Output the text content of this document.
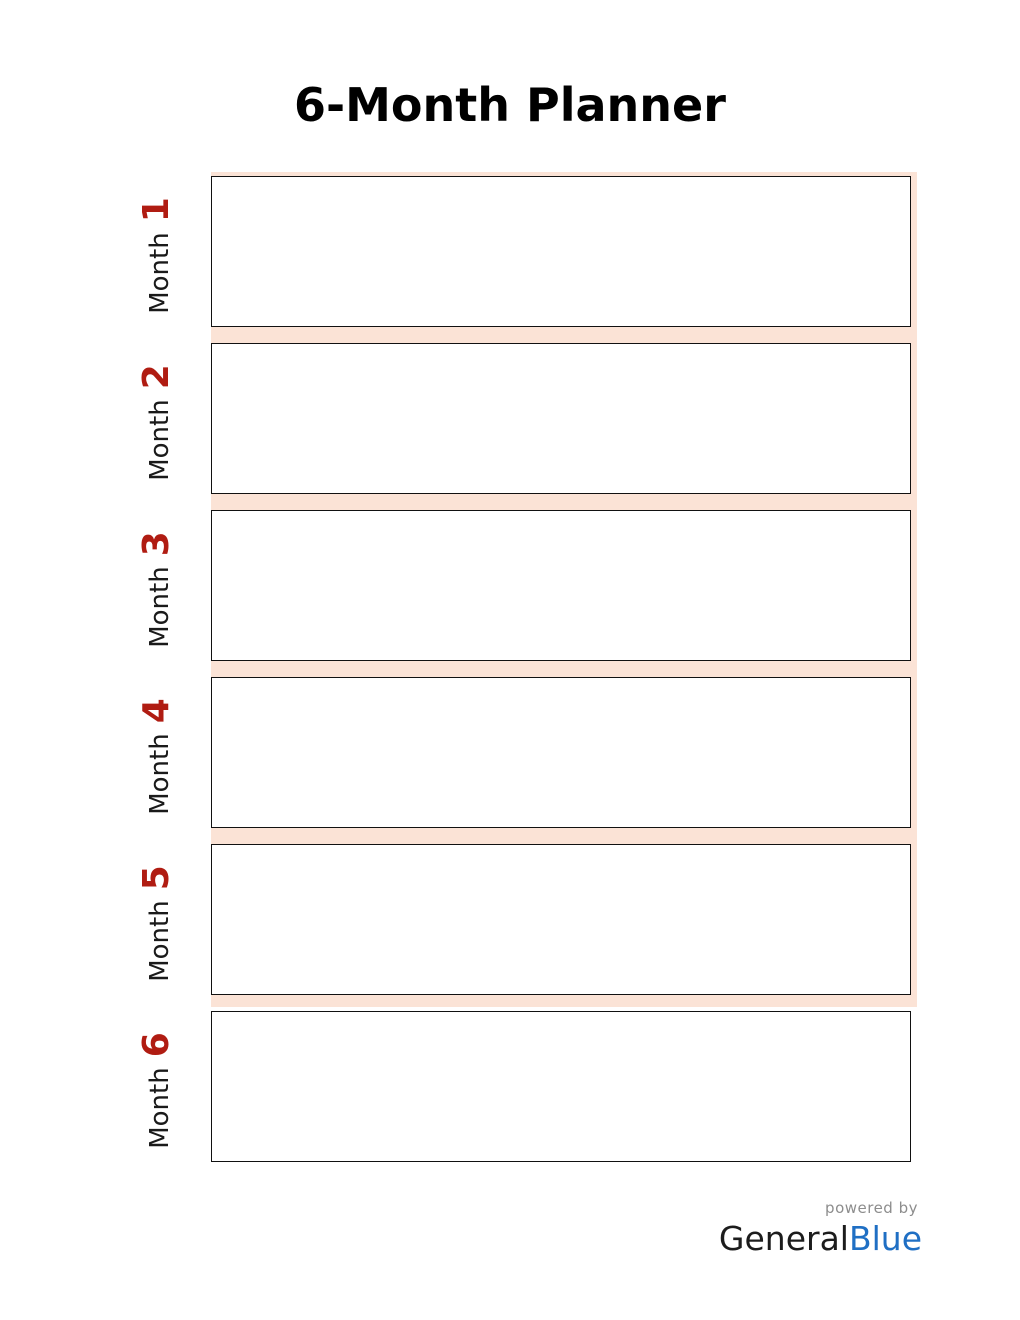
6-Month Planner
Month
1
Month
2
Month
3
Month
4
Month
5
Month
6
powered by
GeneralBlue
